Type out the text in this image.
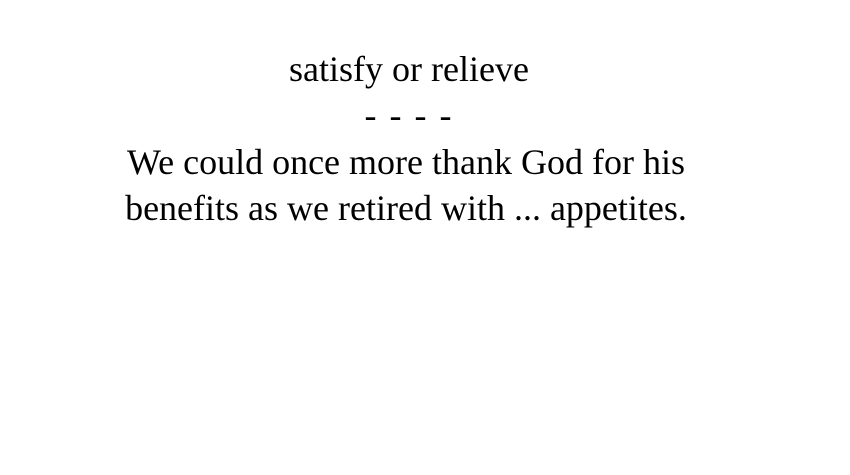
satisfy or relieve
- - - -
We could once more thank God for his
benefits as we retired with ... appetites.
